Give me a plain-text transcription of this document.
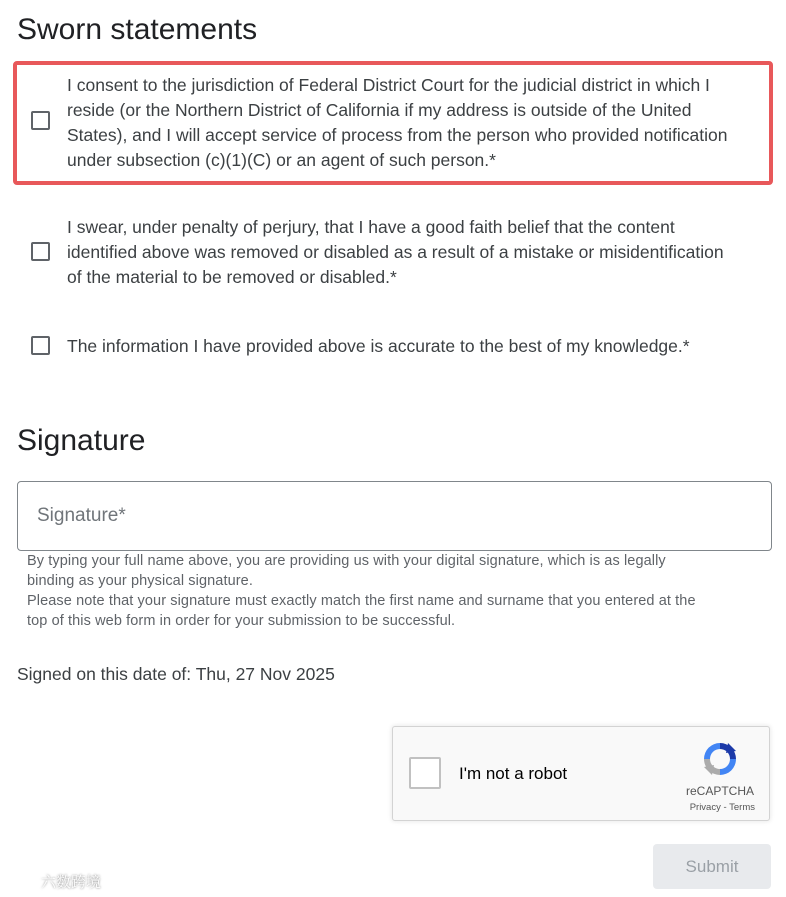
Sworn statements
I consent to the jurisdiction of Federal District Court for the judicial district in which I
reside (or the Northern District of California if my address is outside of the United
States), and I will accept service of process from the person who provided notification
under subsection (c)(1)(C) or an agent of such person.*
I swear, under penalty of perjury, that I have a good faith belief that the content
identified above was removed or disabled as a result of a mistake or misidentification
of the material to be removed or disabled.*
The information I have provided above is accurate to the best of my knowledge.*
Signature
Signature*
By typing your full name above, you are providing us with your digital signature, which is as legally
binding as your physical signature.
Please note that your signature must exactly match the first name and surname that you entered at the
top of this web form in order for your submission to be successful.
Signed on this date of: Thu, 27 Nov 2025
I'm not a robot
reCAPTCHA
Privacy - Terms
Submit
六数跨境
